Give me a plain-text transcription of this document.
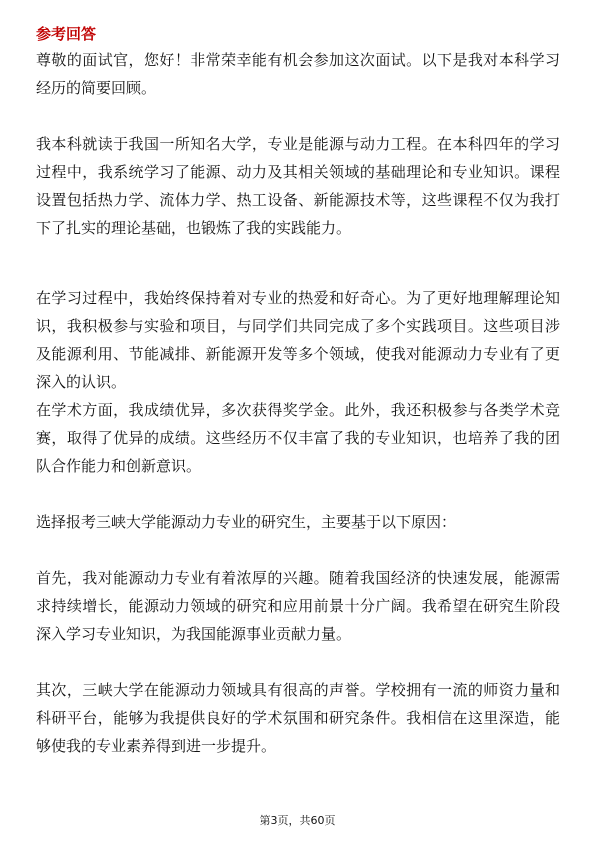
参考回答

尊敬的面试官，您好！非常荣幸能有机会参加这次面试。以下是我对本科学习经历的简要回顾。

我本科就读于我国一所知名大学，专业是能源与动力工程。在本科四年的学习过程中，我系统学习了能源、动力及其相关领域的基础理论和专业知识。课程设置包括热力学、流体力学、热工设备、新能源技术等，这些课程不仅为我打下了扎实的理论基础，也锻炼了我的实践能力。

在学习过程中，我始终保持着对专业的热爱和好奇心。为了更好地理解理论知识，我积极参与实验和项目，与同学们共同完成了多个实践项目。这些项目涉及能源利用、节能减排、新能源开发等多个领域，使我对能源动力专业有了更深入的认识。

在学术方面，我成绩优异，多次获得奖学金。此外，我还积极参与各类学术竞赛，取得了优异的成绩。这些经历不仅丰富了我的专业知识，也培养了我的团队合作能力和创新意识。

选择报考三峡大学能源动力专业的研究生，主要基于以下原因：

首先，我对能源动力专业有着浓厚的兴趣。随着我国经济的快速发展，能源需求持续增长，能源动力领域的研究和应用前景十分广阔。我希望在研究生阶段深入学习专业知识，为我国能源事业贡献力量。

其次，三峡大学在能源动力领域具有很高的声誉。学校拥有一流的师资力量和科研平台，能够为我提供良好的学术氛围和研究条件。我相信在这里深造，能够使我的专业素养得到进一步提升。

第3页，共60页
